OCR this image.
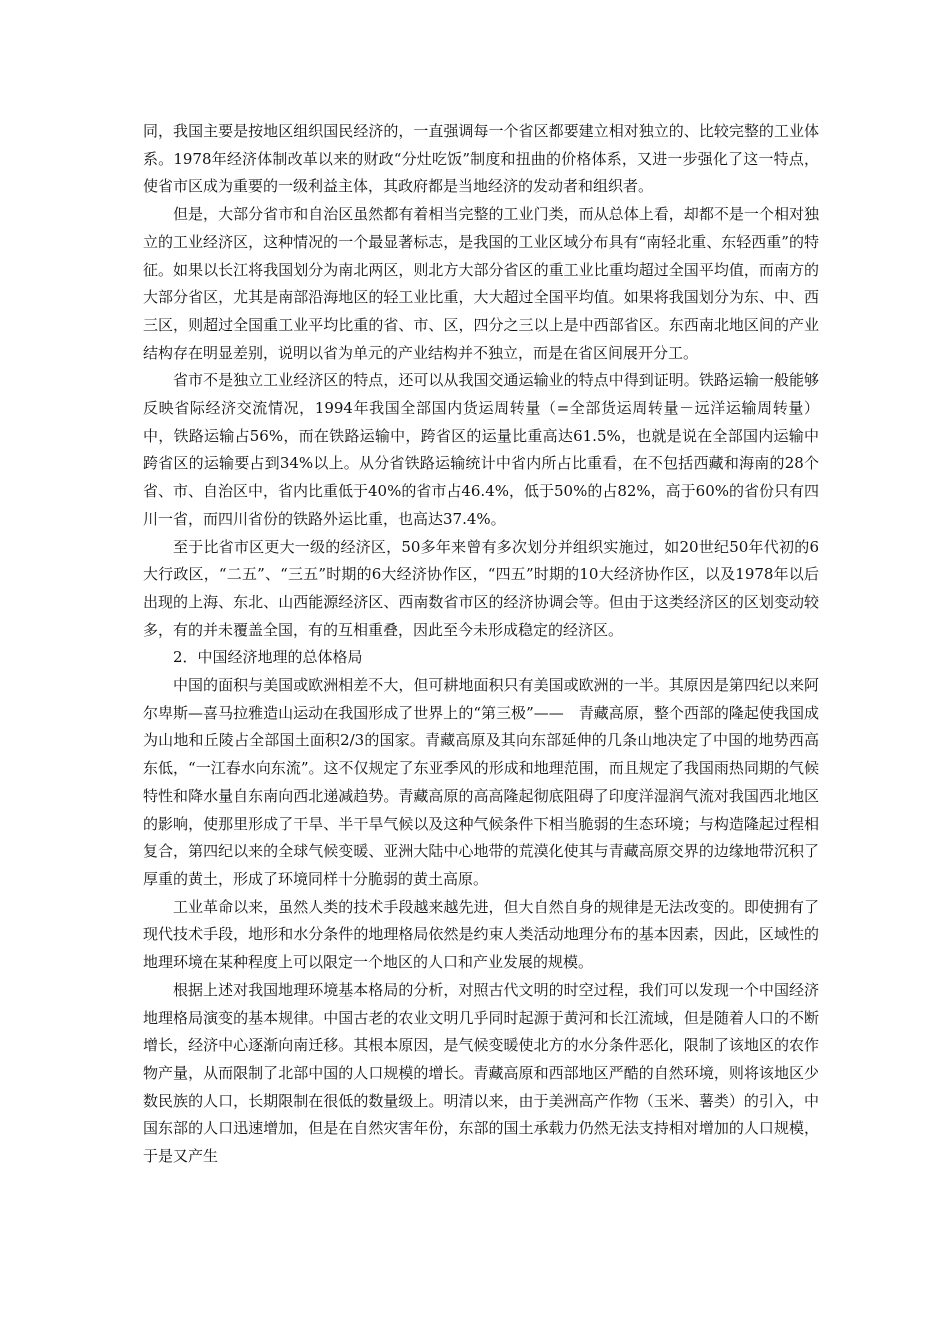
同，我国主要是按地区组织国民经济的，一直强调每一个省区都要建立相对独立的、比较完整的工业体系。1978年经济体制改革以来的财政“分灶吃饭”制度和扭曲的价格体系，又进一步强化了这一特点，使省市区成为重要的一级利益主体，其政府都是当地经济的发动者和组织者。

但是，大部分省市和自治区虽然都有着相当完整的工业门类，而从总体上看，却都不是一个相对独立的工业经济区，这种情况的一个最显著标志，是我国的工业区域分布具有“南轻北重、东轻西重”的特征。如果以长江将我国划分为南北两区，则北方大部分省区的重工业比重均超过全国平均值，而南方的大部分省区，尤其是南部沿海地区的轻工业比重，大大超过全国平均值。如果将我国划分为东、中、西三区，则超过全国重工业平均比重的省、市、区，四分之三以上是中西部省区。东西南北地区间的产业结构存在明显差别，说明以省为单元的产业结构并不独立，而是在省区间展开分工。

省市不是独立工业经济区的特点，还可以从我国交通运输业的特点中得到证明。铁路运输一般能够反映省际经济交流情况，1994年我国全部国内货运周转量（=全部货运周转量－远洋运输周转量）中，铁路运输占56%，而在铁路运输中，跨省区的运量比重高达61.5%，也就是说在全部国内运输中跨省区的运输要占到34%以上。从分省铁路运输统计中省内所占比重看，在不包括西藏和海南的28个省、市、自治区中，省内比重低于40%的省市占46.4%，低于50%的占82%，高于60%的省份只有四川一省，而四川省份的铁路外运比重，也高达37.4%。

至于比省市区更大一级的经济区，50多年来曾有多次划分并组织实施过，如20世纪50年代初的6大行政区，“二五”、“三五”时期的6大经济协作区，“四五”时期的10大经济协作区，以及1978年以后出现的上海、东北、山西能源经济区、西南数省市区的经济协调会等。但由于这类经济区的区划变动较多，有的并未覆盖全国，有的互相重叠，因此至今未形成稳定的经济区。

2．中国经济地理的总体格局

中国的面积与美国或欧洲相差不大，但可耕地面积只有美国或欧洲的一半。其原因是第四纪以来阿尔卑斯—喜马拉雅造山运动在我国形成了世界上的“第三极”——　青藏高原，整个西部的隆起使我国成为山地和丘陵占全部国土面积2/3的国家。青藏高原及其向东部延伸的几条山地决定了中国的地势西高东低，“一江春水向东流”。这不仅规定了东亚季风的形成和地理范围，而且规定了我国雨热同期的气候特性和降水量自东南向西北递减趋势。青藏高原的高高隆起彻底阻碍了印度洋湿润气流对我国西北地区的影响，使那里形成了干旱、半干旱气候以及这种气候条件下相当脆弱的生态环境；与构造隆起过程相复合，第四纪以来的全球气候变暖、亚洲大陆中心地带的荒漠化使其与青藏高原交界的边缘地带沉积了厚重的黄土，形成了环境同样十分脆弱的黄土高原。

工业革命以来，虽然人类的技术手段越来越先进，但大自然自身的规律是无法改变的。即使拥有了现代技术手段，地形和水分条件的地理格局依然是约束人类活动地理分布的基本因素，因此，区域性的地理环境在某种程度上可以限定一个地区的人口和产业发展的规模。

根据上述对我国地理环境基本格局的分析，对照古代文明的时空过程，我们可以发现一个中国经济地理格局演变的基本规律。中国古老的农业文明几乎同时起源于黄河和长江流域，但是随着人口的不断增长，经济中心逐渐向南迁移。其根本原因，是气候变暖使北方的水分条件恶化，限制了该地区的农作物产量，从而限制了北部中国的人口规模的增长。青藏高原和西部地区严酷的自然环境，则将该地区少数民族的人口，长期限制在很低的数量级上。明清以来，由于美洲高产作物（玉米、薯类）的引入，中国东部的人口迅速增加，但是在自然灾害年份，东部的国土承载力仍然无法支持相对增加的人口规模，于是又产生
